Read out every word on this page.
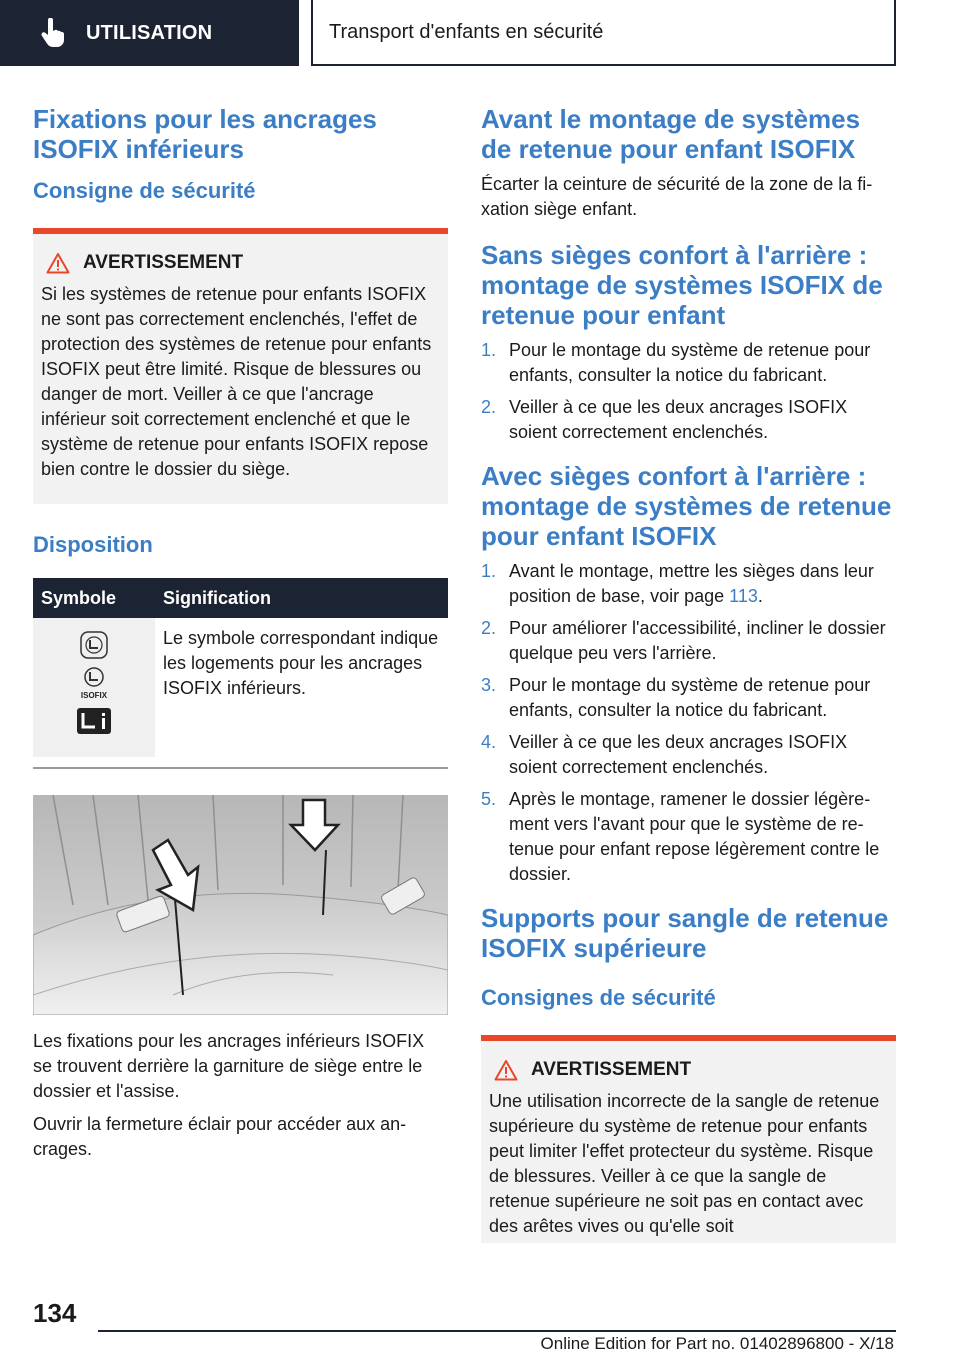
UTILISATION	Transport d'enfants en sécurité
Fixations pour les ancrages ISOFIX inférieurs
Consigne de sécurité
AVERTISSEMENT

Si les systèmes de retenue pour enfants ISOFIX ne sont pas correctement enclenchés, l'effet de protection des systèmes de retenue pour enfants ISOFIX peut être limité. Risque de blessures ou danger de mort. Veiller à ce que l'ancrage inférieur soit correctement enclenché et que le système de retenue pour enfants ISOFIX repose bien contre le dossier du siège.

Disposition
Symbole	Signification

ISOFIX	Le symbole correspondant indique les logements pour les ancrages ISOFIX inférieurs.

Les fixations pour les ancrages inférieurs ISOFIX se trouvent derrière la garniture de siège entre le dossier et l'assise.

Ouvrir la fermeture éclair pour accéder aux ancrages.

Avant le montage de systèmes de retenue pour enfant ISOFIX

Écarter la ceinture de sécurité de la zone de la fixation siège enfant.

Sans sièges confort à l'arrière : montage de systèmes ISOFIX de retenue pour enfant
1. Pour le montage du système de retenue pour enfants, consulter la notice du fabricant.
2. Veiller à ce que les deux ancrages ISOFIX soient correctement enclenchés.
Avec sièges confort à l'arrière : montage de systèmes de retenue pour enfant ISOFIX
1. Avant le montage, mettre les sièges dans leur position de base, voir page 113.
2. Pour améliorer l'accessibilité, incliner le dossier quelque peu vers l'arrière.
3. Pour le montage du système de retenue pour enfants, consulter la notice du fabricant.
4. Veiller à ce que les deux ancrages ISOFIX soient correctement enclenchés.
5. Après le montage, ramener le dossier légèrement vers l'avant pour que le système de retenue pour enfant repose légèrement contre le dossier.
Supports pour sangle de retenue ISOFIX supérieure
Consignes de sécurité
AVERTISSEMENT

Une utilisation incorrecte de la sangle de retenue supérieure du système de retenue pour enfants peut limiter l'effet protecteur du système. Risque de blessures. Veiller à ce que la sangle de retenue supérieure ne soit pas en contact avec des arêtes vives ou qu'elle soit

134
Online Edition for Part no. 01402896800 - X/18
